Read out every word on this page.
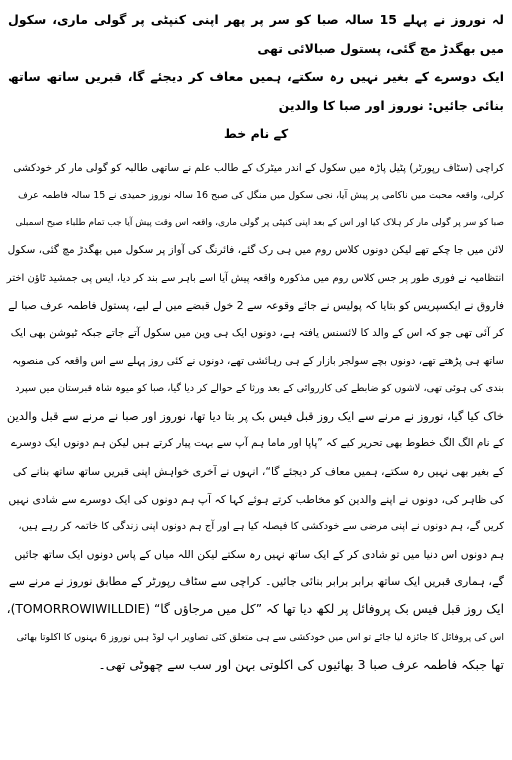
لہ نوروز نے پہلے 15 سالہ صبا کو سر پر پھر اپنی کنپٹی پر گولی ماری، سکول میں بھگدڑ مچ گئی، پستول صبالائی تھی
ایک دوسرے کے بغیر نہیں رہ سکتے، ہمیں معاف کر دیجئے گا، قبریں ساتھ ساتھ بنائی جائیں: نوروز اور صبا کا والدین
کے نام خط
کراچی (سٹاف رپورٹر) پٹیل پاڑہ میں سکول کے اندر میٹرک کے طالب علم نے ساتھی طالبہ کو گولی مار کر خودکشی
کرلی، واقعہ محبت میں ناکامی پر پیش آیا، نجی سکول میں منگل کی صبح 16 سالہ نوروز حمیدی نے 15 سالہ فاطمہ عرف
صبا کو سر پر گولی مار کر ہلاک کیا اور اس کے بعد اپنی کنپٹی پر گولی ماری، واقعہ اس وقت پیش آیا جب تمام طلباء صبح اسمبلی
لائن میں جا چکے تھے لیکن دونوں کلاس روم میں ہی رک گئے، فائرنگ کی آواز پر سکول میں بھگدڑ مچ گئی، سکول
انتظامیہ نے فوری طور پر جس کلاس روم میں مذکورہ واقعہ پیش آیا اسے باہر سے بند کر دیا، ایس پی جمشید ٹاؤن اختر
فاروق نے ایکسپریس کو بتایا کہ پولیس نے جائے وقوعہ سے 2 خول قبضے میں لے لیے، پستول فاطمہ عرف صبا لے
کر آئی تھی جو کہ اس کے والد کا لائسنس یافتہ ہے، دونوں ایک ہی وین میں سکول آتے جاتے جبکہ ٹیوشن بھی ایک
ساتھ ہی پڑھتے تھے، دونوں بچے سولجر بازار کے ہی رہائشی تھے، دونوں نے کئی روز پہلے سے اس واقعہ کی منصوبہ
بندی کی ہوئی تھی، لاشوں کو ضابطے کی کارروائی کے بعد ورثا کے حوالے کر دیا گیا، صبا کو میوہ شاہ قبرستان میں سپرد
خاک کیا گیا، نوروز نے مرنے سے ایک روز قبل فیس بک پر بتا دیا تھا، نوروز اور صبا نے مرنے سے قبل والدین
کے نام الگ الگ خطوط بھی تحریر کیے کہ ”پاپا اور ماما ہم آپ سے بہت پیار کرتے ہیں لیکن ہم دونوں ایک دوسرے
کے بغیر بھی نہیں رہ سکتے، ہمیں معاف کر دیجئے گا“، انہوں نے آخری خواہش اپنی قبریں ساتھ ساتھ بنانے کی
کی ظاہر کی، دونوں نے اپنے والدین کو مخاطب کرتے ہوئے کہا کہ آپ ہم دونوں کی ایک دوسرے سے شادی نہیں
کریں گے، ہم دونوں نے اپنی مرضی سے خودکشی کا فیصلہ کیا ہے اور آج ہم دونوں اپنی زندگی کا خاتمہ کر رہے ہیں،
ہم دونوں اس دنیا میں تو شادی کر کے ایک ساتھ نہیں رہ سکتے لیکن اللہ میاں کے پاس دونوں ایک ساتھ جائیں
گے، ہماری قبریں ایک ساتھ برابر برابر بنائی جائیں۔ کراچی سے سٹاف رپورٹر کے مطابق نوروز نے مرنے سے
ایک روز قبل فیس بک پروفائل پر لکھ دیا تھا کہ ”کل میں مرجاؤں گا“ (TOMORROWIWILLDIE)،
اس کی پروفائل کا جائزہ لیا جائے تو اس میں خودکشی سے ہی متعلق کئی تصاویر اپ لوڈ ہیں نوروز 6 بہنوں کا اکلوتا بھائی
تھا جبکہ فاطمہ عرف صبا 3 بھائیوں کی اکلوتی بہن اور سب سے چھوٹی تھی۔
